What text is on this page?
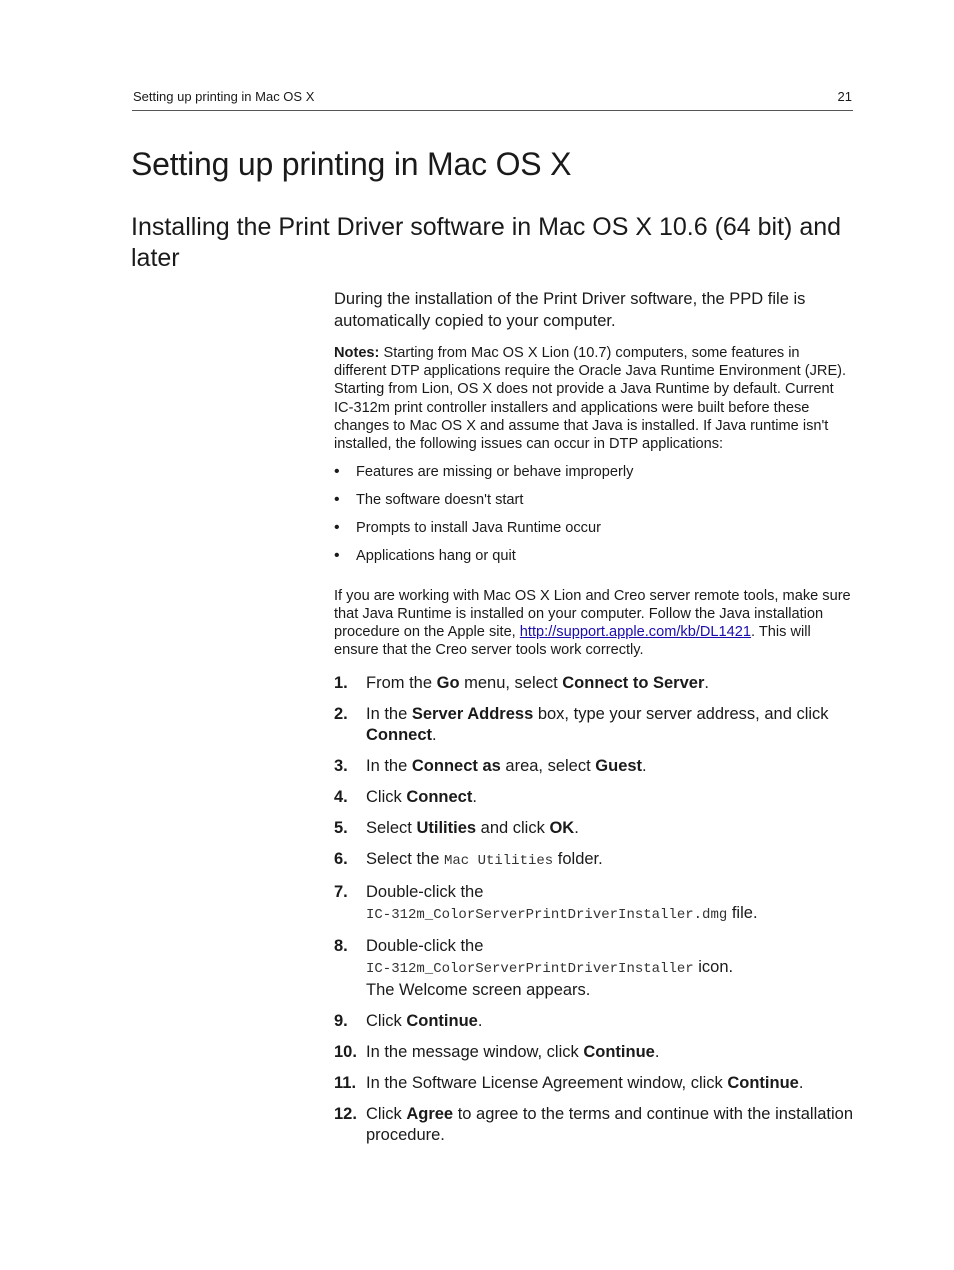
Setting up printing in Mac OS X	21
Setting up printing in Mac OS X
Installing the Print Driver software in Mac OS X 10.6 (64 bit) and later

During the installation of the Print Driver software, the PPD file is automatically copied to your computer.

Notes: Starting from Mac OS X Lion (10.7) computers, some features in different DTP applications require the Oracle Java Runtime Environment (JRE). Starting from Lion, OS X does not provide a Java Runtime by default. Current IC-312m print controller installers and applications were built before these changes to Mac OS X and assume that Java is installed. If Java runtime isn't installed, the following issues can occur in DTP applications:

• Features are missing or behave improperly
• The software doesn't start
• Prompts to install Java Runtime occur
• Applications hang or quit

If you are working with Mac OS X Lion and Creo server remote tools, make sure that Java Runtime is installed on your computer. Follow the Java installation procedure on the Apple site, http://support.apple.com/kb/DL1421. This will ensure that the Creo server tools work correctly.

1. From the Go menu, select Connect to Server.
2. In the Server Address box, type your server address, and click Connect.
3. In the Connect as area, select Guest.
4. Click Connect.
5. Select Utilities and click OK.
6. Select the Mac Utilities folder.
7. Double-click the
IC-312m_ColorServerPrintDriverInstaller.dmg file.
8. Double-click the
IC-312m_ColorServerPrintDriverInstaller icon.
The Welcome screen appears.
9. Click Continue.
10. In the message window, click Continue.
11. In the Software License Agreement window, click Continue.
12. Click Agree to agree to the terms and continue with the installation procedure.
